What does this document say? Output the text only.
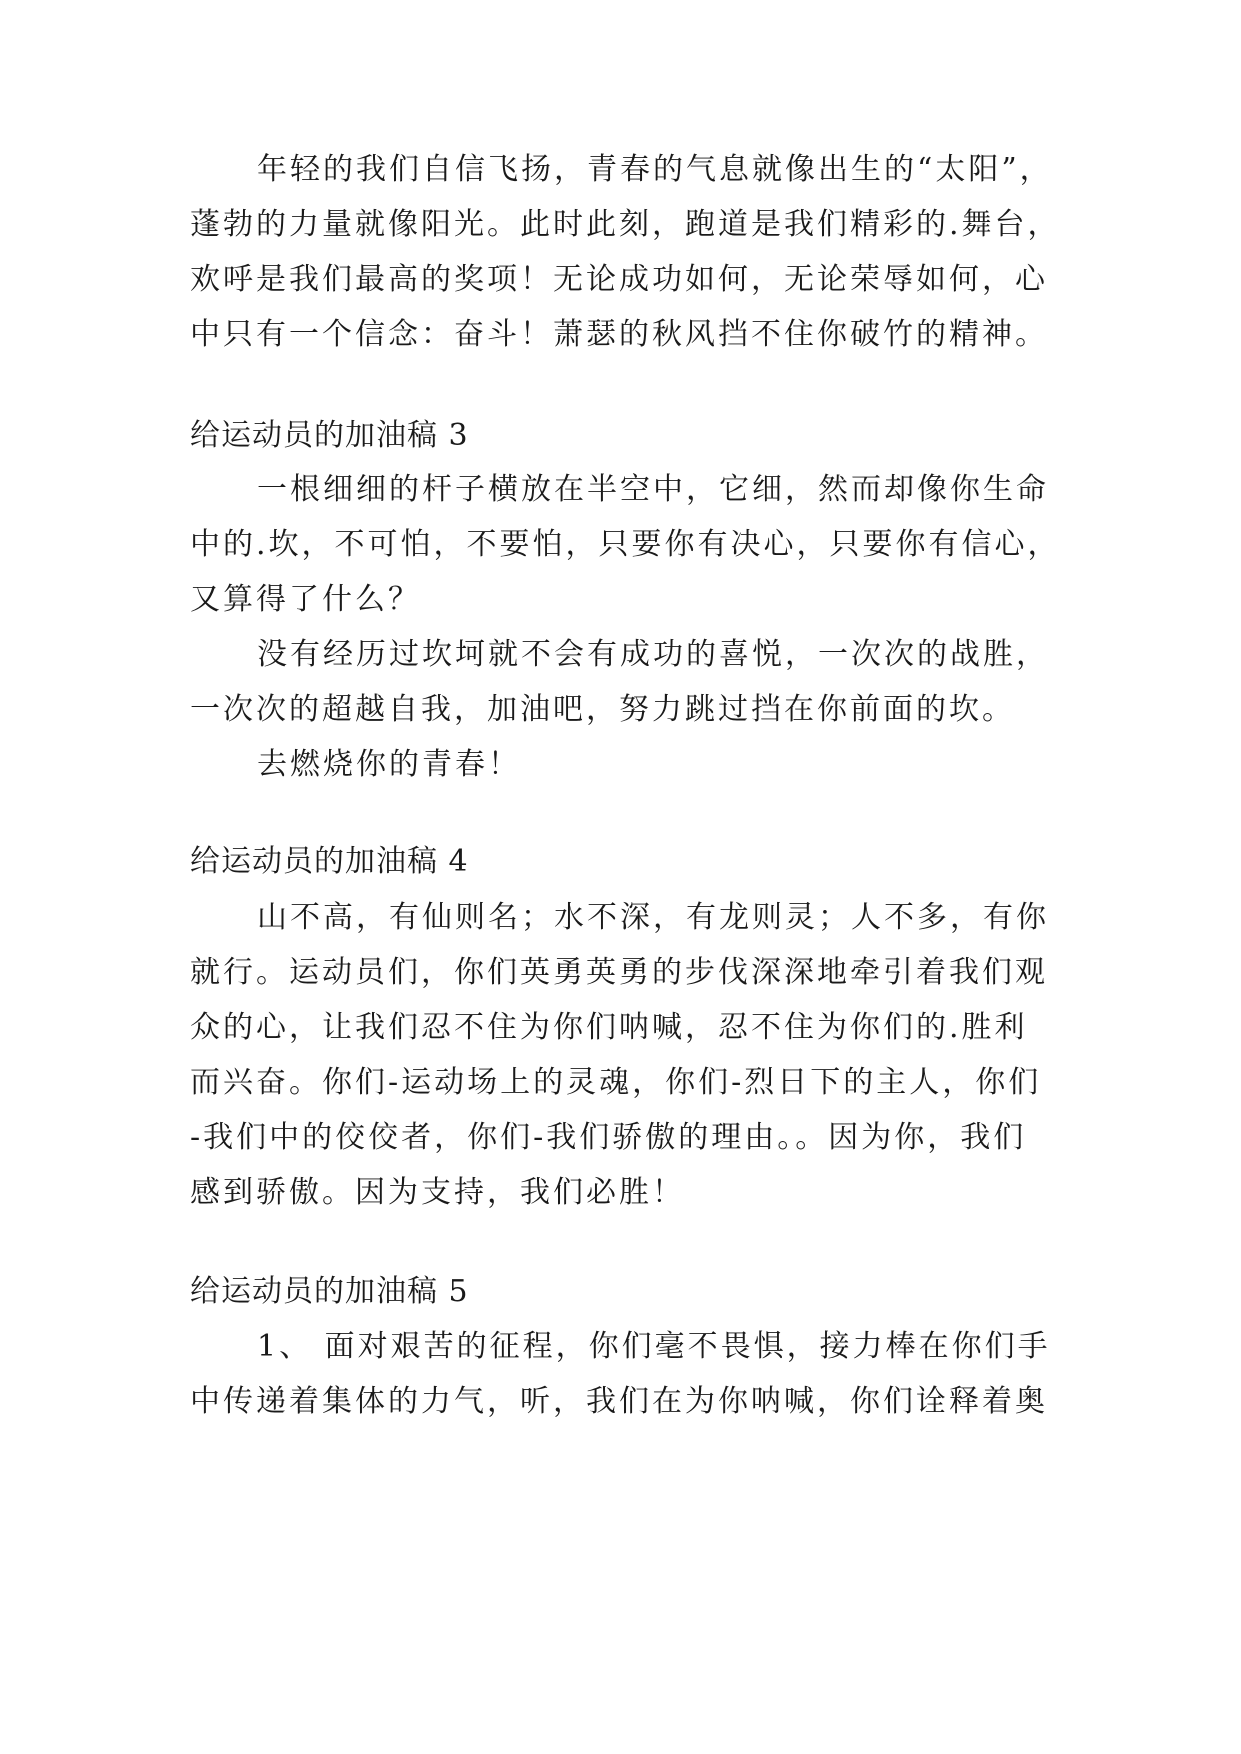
年轻的我们自信飞扬，青春的气息就像出生的“太阳”，
蓬勃的力量就像阳光。此时此刻，跑道是我们精彩的.舞台，
欢呼是我们最高的奖项！无论成功如何，无论荣辱如何，心
中只有一个信念：奋斗！萧瑟的秋风挡不住你破竹的精神。
给运动员的加油稿 3
一根细细的杆子横放在半空中，它细，然而却像你生命
中的.坎，不可怕，不要怕，只要你有决心，只要你有信心，
又算得了什么？
没有经历过坎坷就不会有成功的喜悦，一次次的战胜，
一次次的超越自我，加油吧，努力跳过挡在你前面的坎。
去燃烧你的青春！
给运动员的加油稿 4
山不高，有仙则名；水不深，有龙则灵；人不多，有你
就行。运动员们，你们英勇英勇的步伐深深地牵引着我们观
众的心，让我们忍不住为你们呐喊，忍不住为你们的.胜利
而兴奋。你们-运动场上的灵魂，你们-烈日下的主人，你们
-我们中的佼佼者，你们-我们骄傲的理由。。因为你，我们
感到骄傲。因为支持，我们必胜！
给运动员的加油稿 5
1、 面对艰苦的征程，你们毫不畏惧，接力棒在你们手
中传递着集体的力气，听，我们在为你呐喊，你们诠释着奥
